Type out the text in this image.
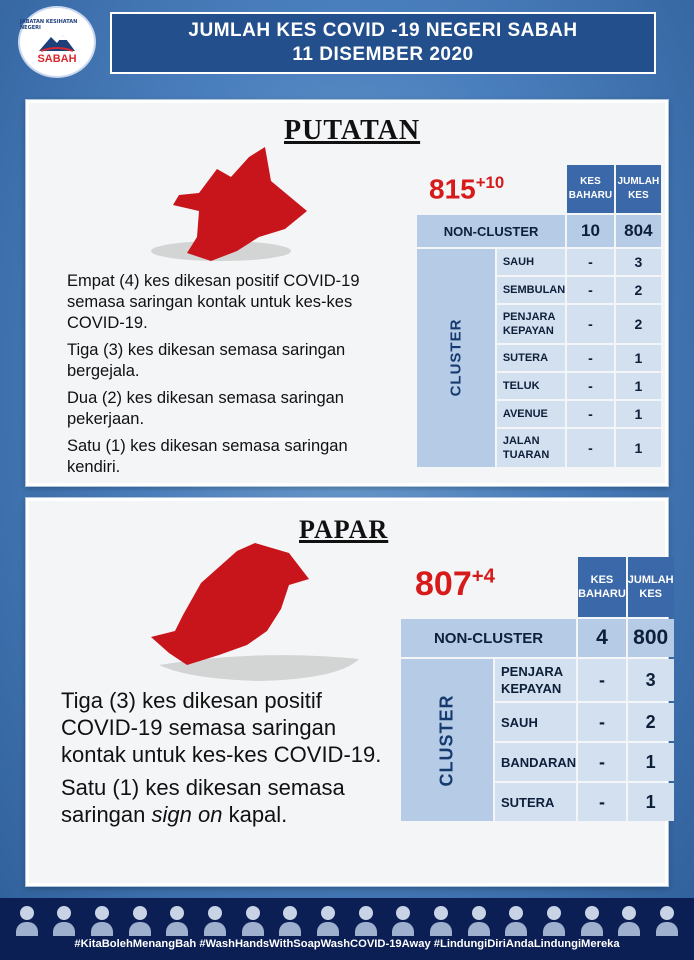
JABATAN KESIHATAN NEGERI
SABAH
JUMLAH KES COVID -19 NEGERI SABAH
11 DISEMBER 2020
PUTATAN
$815^{+10}$
		KES BAHARU	JUMLAH KES
NON-CLUSTER		10	804
CLUSTER	SAUH	-	3
	SEMBULAN	-	2
	PENJARA KEPAYAN	-	2
	SUTERA	-	1
	TELUK	-	1
	AVENUE	-	1
	JALAN TUARAN	-	1

Empat (4) kes dikesan positif COVID-19 semasa saringan kontak untuk kes-kes COVID-19.

Tiga (3) kes dikesan semasa saringan bergejala.

Dua (2) kes dikesan semasa saringan pekerjaan.

Satu (1) kes dikesan semasa saringan kendiri.

PAPAR
$807^{+4}$
		KES BAHARU	JUMLAH KES
NON-CLUSTER		4	800
CLUSTER	PENJARA KEPAYAN	-	3
	SAUH	-	2
	BANDARAN	-	1
	SUTERA	-	1

Tiga (3) kes dikesan positif COVID-19 semasa saringan kontak untuk kes-kes COVID-19.

Satu (1) kes dikesan semasa saringan sign on kapal.

#KitaBolehMenangBah #WashHandsWithSoapWashCOVID-19Away #LindungiDiriAndaLindungiMereka
